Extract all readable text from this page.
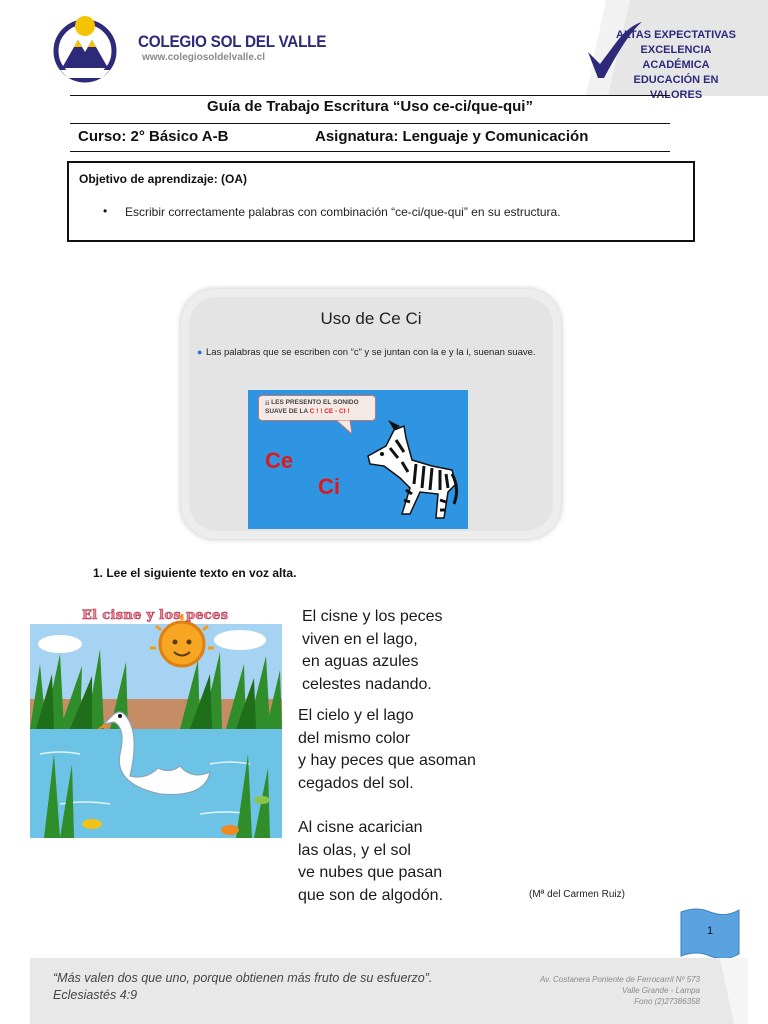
COLEGIO SOL DEL VALLE
www.colegiosoldelvalle.cl
ALTAS EXPECTATIVAS
EXCELENCIA ACADÉMICA
EDUCACIÓN EN VALORES
Guía de Trabajo Escritura “Uso ce-ci/que-qui”
Curso: 2° Básico A-B	Asignatura: Lenguaje y Comunicación
Objetivo de aprendizaje: (OA)
• Escribir correctamente palabras con combinación “ce-ci/que-qui” en su estructura.
Uso de Ce Ci
● Las palabras que se escriben con “c” y se juntan con la e y la i, suenan suave.
¡¡ LES PRESENTO EL SONIDO
SUAVE DE LA C ! ! CE - CI !
Ce
Ci
1. Lee el siguiente texto en voz alta.
El cisne y los peces	El cisne y los peces
viven en el lago,
en aguas azules
celestes nadando.
El cielo y el lago
del mismo color
y hay peces que asoman
cegados del sol.
Al cisne acarician
las olas, y el sol
ve nubes que pasan
que son de algodón.	(Mª del Carmen Ruiz)
1
“Más valen dos que uno, porque obtienen más fruto de su esfuerzo”.
Eclesiastés 4:9
Av. Costanera Poniente de Ferrocarril Nº 573
Valle Grande - Lampa
Fono (2)27386358
